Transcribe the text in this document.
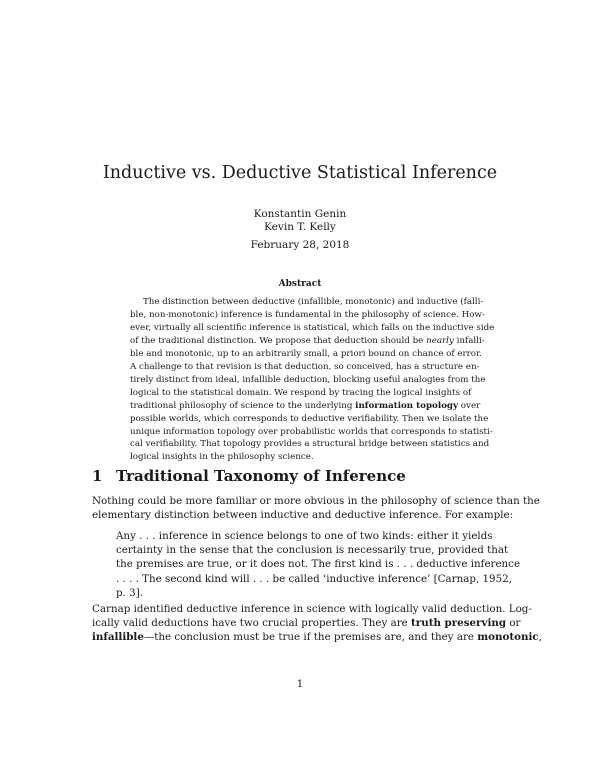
Inductive vs. Deductive Statistical Inference
Konstantin Genin
Kevin T. Kelly
February 28, 2018
Abstract
The distinction between deductive (infallible, monotonic) and inductive (falli-
ble, non-monotonic) inference is fundamental in the philosophy of science. How-
ever, virtually all scientific inference is statistical, which falls on the inductive side
of the traditional distinction. We propose that deduction should be nearly infalli-
ble and monotonic, up to an arbitrarily small, a priori bound on chance of error.
A challenge to that revision is that deduction, so conceived, has a structure en-
tirely distinct from ideal, infallible deduction, blocking useful analogies from the
logical to the statistical domain. We respond by tracing the logical insights of
traditional philosophy of science to the underlying information topology over
possible worlds, which corresponds to deductive verifiability. Then we isolate the
unique information topology over probabilistic worlds that corresponds to statisti-
cal verifiability. That topology provides a structural bridge between statistics and
logical insights in the philosophy science.
1 Traditional Taxonomy of Inference
Nothing could be more familiar or more obvious in the philosophy of science than the
elementary distinction between inductive and deductive inference. For example:
Any . . . inference in science belongs to one of two kinds: either it yields
certainty in the sense that the conclusion is necessarily true, provided that
the premises are true, or it does not. The first kind is . . . deductive inference
. . . . The second kind will . . . be called ‘inductive inference’ [Carnap, 1952,
p. 3].
Carnap identified deductive inference in science with logically valid deduction. Log-
ically valid deductions have two crucial properties. They are truth preserving or
infallible—the conclusion must be true if the premises are, and they are monotonic,
1
